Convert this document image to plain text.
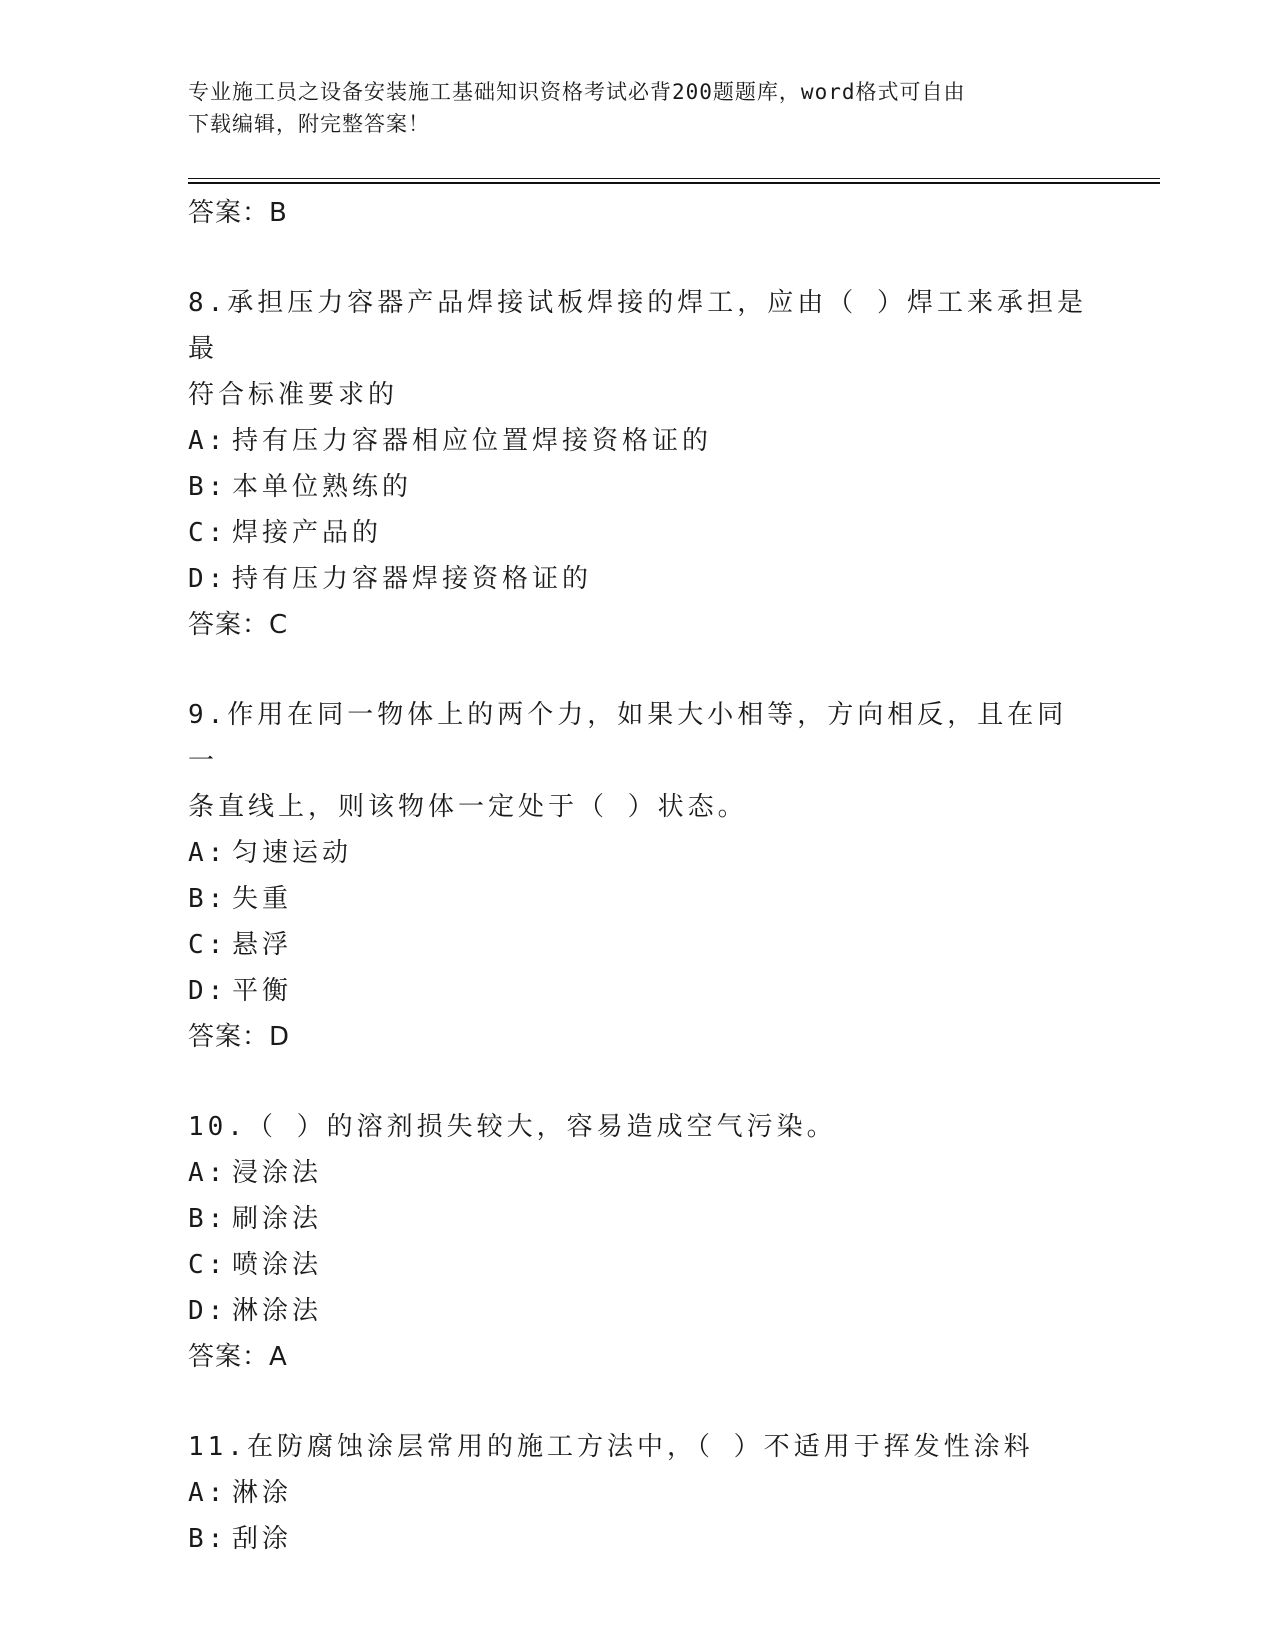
专业施工员之设备安装施工基础知识资格考试必背200题题库，word格式可自由
下载编辑，附完整答案！
答案：B
8.承担压力容器产品焊接试板焊接的焊工，应由（ ）焊工来承担是最
符合标准要求的
A: 持有压力容器相应位置焊接资格证的
B: 本单位熟练的
C: 焊接产品的
D: 持有压力容器焊接资格证的
答案：C
9.作用在同一物体上的两个力，如果大小相等，方向相反，且在同一
条直线上，则该物体一定处于（ ）状态。
A: 匀速运动
B: 失重
C: 悬浮
D: 平衡
答案：D
10.（ ）的溶剂损失较大，容易造成空气污染。
A: 浸涂法
B: 刷涂法
C: 喷涂法
D: 淋涂法
答案：A
11.在防腐蚀涂层常用的施工方法中，（ ）不适用于挥发性涂料
A: 淋涂
B: 刮涂
